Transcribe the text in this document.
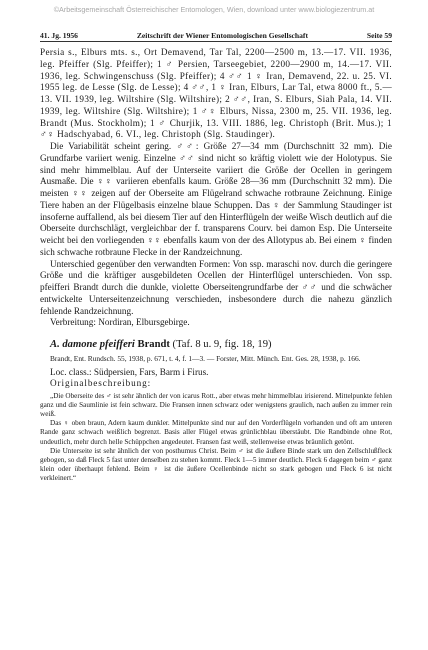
©Arbeitsgemeinschaft Österreichischer Entomologen, Wien, download unter www.biologiezentrum.at
41. Jg. 1956	Zeitschrift der Wiener Entomologischen Gesellschaft	Seite 59

Persia s., Elburs mts. s., Ort Demavend, Tar Tal, 2200—2500 m, 13.—17. VII. 1936, leg. Pfeiffer (Slg. Pfeiffer); 1 ♂ Persien, Tarseegebiet, 2200—2900 m, 14.—17. VII. 1936, leg. Schwingenschuss (Slg. Pfeiffer); 4 ♂♂ 1 ♀ Iran, Demavend, 22. u. 25. VI. 1955 leg. de Lesse (Slg. de Lesse); 4 ♂♂, 1 ♀ Iran, Elburs, Lar Tal, etwa 8000 ft., 5.—13. VII. 1939, leg. Wiltshire (Slg. Wiltshire); 2 ♂♂, Iran, S. Elburs, Siah Pala, 14. VII. 1939, leg. Wiltshire (Slg. Wiltshire); 1 ♂♀ Elburs, Nissa, 2300 m, 25. VII. 1936, leg. Brandt (Mus. Stockholm); 1 ♂ Churjik, 13. VIII. 1886, leg. Christoph (Brit. Mus.); 1 ♂♀ Hadschyabad, 6. VI., leg. Christoph (Slg. Staudinger).

Die Variabilität scheint gering. ♂♂: Größe 27—34 mm (Durchschnitt 32 mm). Die Grundfarbe variiert wenig. Einzelne ♂♂ sind nicht so kräftig violett wie der Holotypus. Sie sind mehr himmelblau. Auf der Unterseite variiert die Größe der Ocellen in geringem Ausmaße. Die ♀♀ variieren ebenfalls kaum. Größe 28—36 mm (Durchschnitt 32 mm). Die meisten ♀♀ zeigen auf der Oberseite am Flügelrand schwache rotbraune Zeichnung. Einige Tiere haben an der Flügelbasis einzelne blaue Schuppen. Das ♀ der Sammlung Staudinger ist insoferne auffallend, als bei diesem Tier auf den Hinterflügeln der weiße Wisch deutlich auf die Oberseite durchschlägt, vergleichbar der f. transparens Courv. bei damon Esp. Die Unterseite weicht bei den vorliegenden ♀♀ ebenfalls kaum von der des Allotypus ab. Bei einem ♀ finden sich schwache rotbraune Flecke in der Randzeichnung.

Unterschied gegenüber den verwandten Formen: Von ssp. maraschi nov. durch die geringere Größe und die kräftiger ausgebildeten Ocellen der Hinterflügel unterschieden. Von ssp. pfeifferi Brandt durch die dunkle, violette Oberseitengrundfarbe der ♂♂ und die schwächer entwickelte Unterseitenzeichnung verschieden, insbesondere durch die nahezu gänzlich fehlende Randzeichnung.

Verbreitung: Nordiran, Elbursgebirge.

A. damone pfeifferi Brandt (Taf. 8 u. 9, fig. 18, 19)

Brandt, Ent. Rundsch. 55, 1938, p. 671, t. 4, f. 1—3. — Forster, Mitt. Münch. Ent. Ges. 28, 1938, p. 166.

Loc. class.: Südpersien, Fars, Barm i Firus.

Originalbeschreibung:

„Die Oberseite des ♂ ist sehr ähnlich der von icarus Rott., aber etwas mehr himmelblau irisierend. Mittelpunkte fehlen ganz und die Saumlinie ist fein schwarz. Die Fransen innen schwarz oder wenigstens graulich, nach außen zu immer rein weiß.

Das ♀ oben braun, Adern kaum dunkler. Mittelpunkte sind nur auf den Vorderflügeln vorhanden und oft am unteren Rande ganz schwach weißlich begrenzt. Basis aller Flügel etwas grünlichblau überstäubt. Die Randbinde ohne Rot, undeutlich, mehr durch helle Schüppchen angedeutet. Fransen fast weiß, stellenweise etwas bräunlich getönt.

Die Unterseite ist sehr ähnlich der von posthumus Christ. Beim ♂ ist die äußere Binde stark um den Zellschlußfleck gebogen, so daß Fleck 5 fast unter denselben zu stehen kommt. Fleck 1—5 immer deutlich. Fleck 6 dagegen beim ♂ ganz klein oder überhaupt fehlend. Beim ♀ ist die äußere Ocellenbinde nicht so stark gebogen und Fleck 6 ist nicht verkleinert.“
